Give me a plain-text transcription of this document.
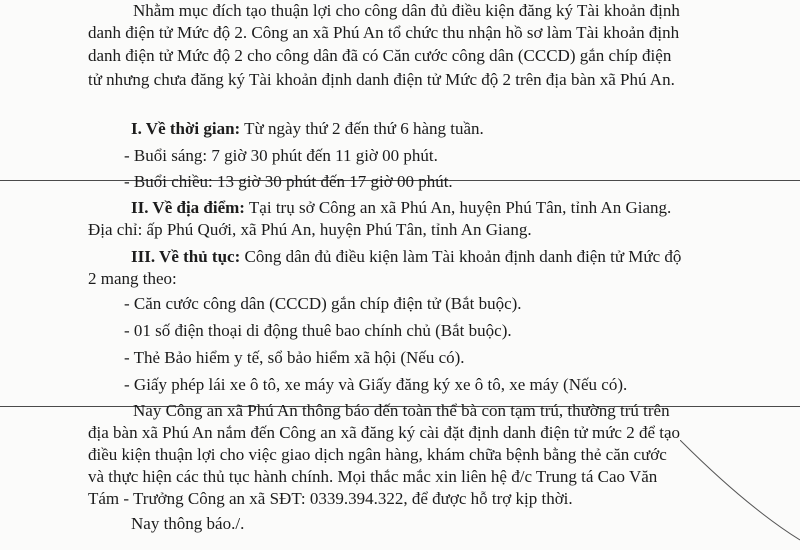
Nhằm mục đích tạo thuận lợi cho công dân đủ điều kiện đăng ký Tài khoản định
danh điện tử Mức độ 2. Công an xã Phú An tổ chức thu nhận hồ sơ làm Tài khoản định
danh điện tử Mức độ 2 cho công dân đã có Căn cước công dân (CCCD) gắn chíp điện
tử nhưng chưa đăng ký Tài khoản định danh điện tử Mức độ 2 trên địa bàn xã Phú An.
I. Về thời gian: Từ ngày thứ 2 đến thứ 6 hàng tuần.
- Buổi sáng: 7 giờ 30 phút đến 11 giờ 00 phút.
- Buổi chiều: 13 giờ 30 phút đến 17 giờ 00 phút.
II. Về địa điểm: Tại trụ sở Công an xã Phú An, huyện Phú Tân, tỉnh An Giang.
Địa chỉ: ấp Phú Quới, xã Phú An, huyện Phú Tân, tỉnh An Giang.
III. Về thủ tục: Công dân đủ điều kiện làm Tài khoản định danh điện tử Mức độ
2 mang theo:
- Căn cước công dân (CCCD) gắn chíp điện tử (Bắt buộc).
- 01 số điện thoại di động thuê bao chính chủ (Bắt buộc).
- Thẻ Bảo hiểm y tế, sổ bảo hiểm xã hội (Nếu có).
- Giấy phép lái xe ô tô, xe máy và Giấy đăng ký xe ô tô, xe máy (Nếu có).
Nay Công an xã Phú An thông báo đến toàn thể bà con tạm trú, thường trú trên
địa bàn xã Phú An nắm đến Công an xã đăng ký cài đặt định danh điện tử mức 2 để tạo
điều kiện thuận lợi cho việc giao dịch ngân hàng, khám chữa bệnh bằng thẻ căn cước
và thực hiện các thủ tục hành chính. Mọi thắc mắc xin liên hệ đ/c Trung tá Cao Văn
Tám - Trưởng Công an xã SĐT: 0339.394.322, để được hỗ trợ kịp thời.
Nay thông báo./.
